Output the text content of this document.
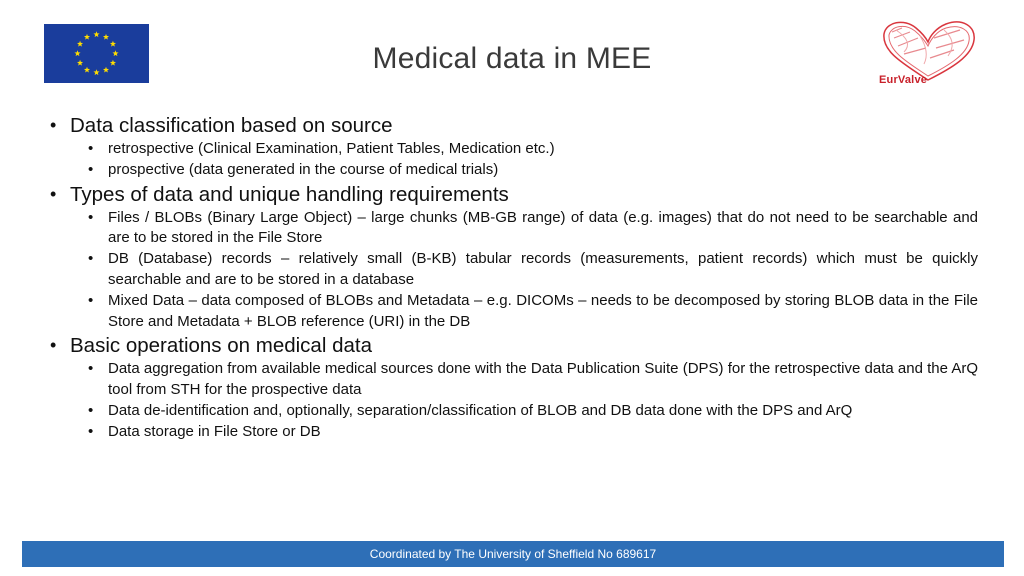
Medical data in MEE
EurValve
• Data classification based on source
• retrospective (Clinical Examination, Patient Tables, Medication etc.)
• prospective (data generated in the course of medical trials)
• Types of data and unique handling requirements
• Files / BLOBs (Binary Large Object) – large chunks (MB-GB range) of data (e.g. images) that do not need to be searchable and are to be stored in the File Store
• DB (Database) records – relatively small (B-KB) tabular records (measurements, patient records) which must be quickly searchable and are to be stored in a database
• Mixed Data – data composed of BLOBs and Metadata – e.g. DICOMs – needs to be decomposed by storing BLOB data in the File Store and Metadata + BLOB reference (URI) in the DB
• Basic operations on medical data
• Data aggregation from available medical sources done with the Data Publication Suite (DPS) for the retrospective data and the ArQ tool from STH for the prospective data
• Data de-identification and, optionally, separation/classification of BLOB and DB data done with the DPS and ArQ
• Data storage in File Store or DB
Coordinated by The University of Sheffield No 689617
